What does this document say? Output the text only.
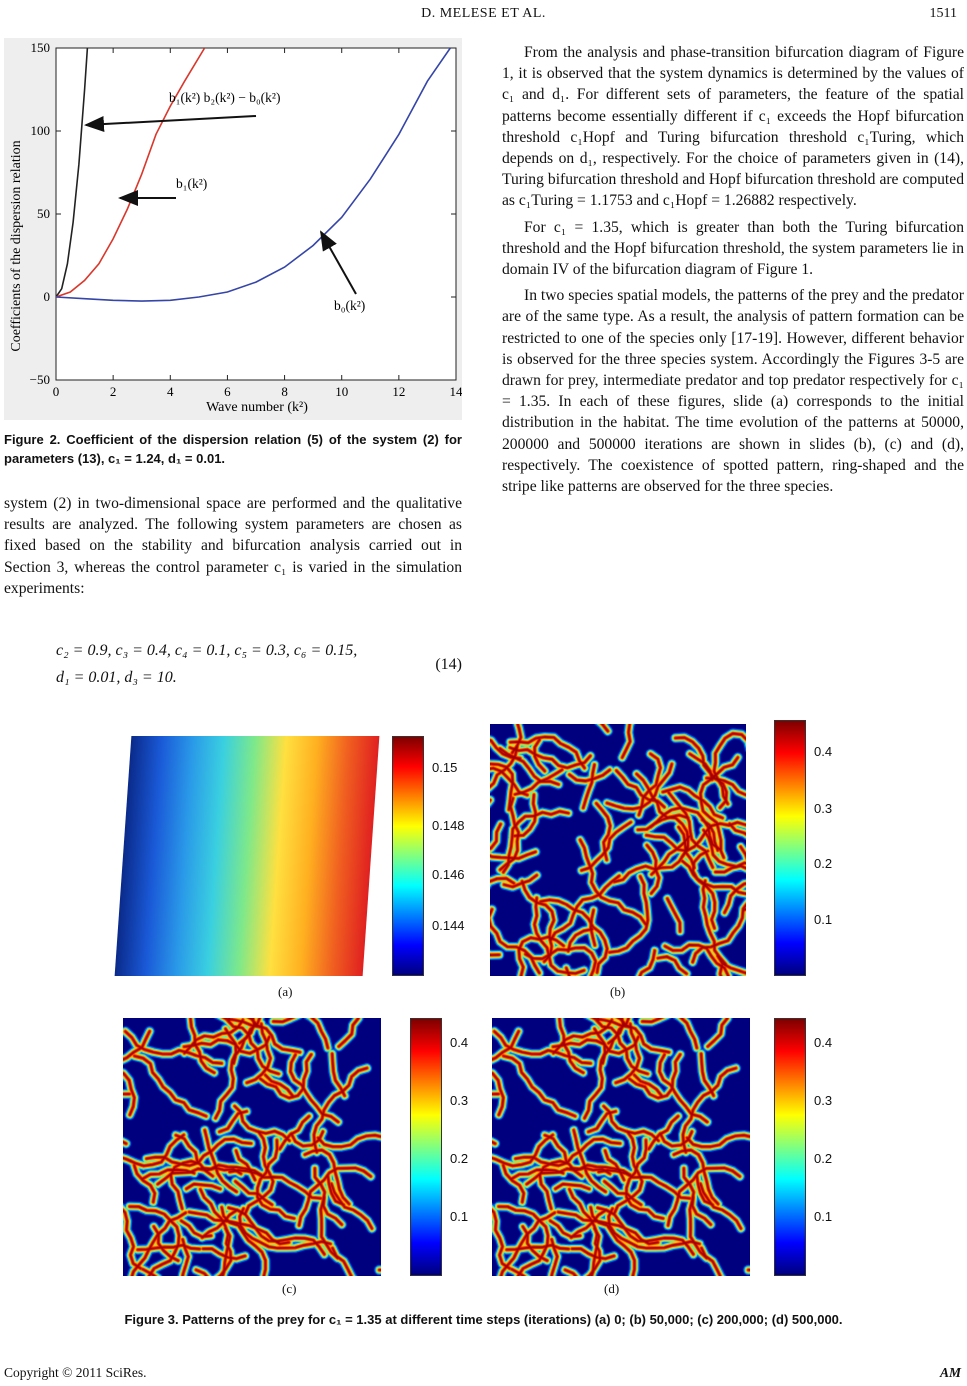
D. MELESE ET AL.	1511
0	2	4	6	8	10	12	14
150
100
50
0
−50
Coefficients of the dispersion relation
Wave number (k²)
b₁(k²) b₂(k²) − b₀(k²)
b₁(k²)
b₀(k²)
Figure 2. Coefficient of the dispersion relation (5) of the system (2) for parameters (13), c₁ = 1.24, d₁ = 0.01.

system (2) in two-dimensional space are performed and the qualitative results are analyzed. The following system parameters are chosen as fixed based on the stability and bifurcation analysis carried out in Section 3, whereas the control parameter c₁ is varied in the simulation experiments:

c₂ = 0.9, c₃ = 0.4, c₄ = 0.1, c₅ = 0.3, c₆ = 0.15,
d₁ = 0.01, d₃ = 10.
(14)

From the analysis and phase-transition bifurcation diagram of Figure 1, it is observed that the system dynamics is determined by the values of c₁ and d₁. For different sets of parameters, the feature of the spatial patterns become essentially different if c₁ exceeds the Hopf bifurcation threshold c₁Hopf and Turing bifurcation threshold c₁Turing, which depends on d₁, respectively. For the choice of parameters given in (14), Turing bifurcation threshold and Hopf bifurcation threshold are computed as c₁Turing = 1.1753 and c₁Hopf = 1.26882 respectively.

For c₁ = 1.35, which is greater than both the Turing bifurcation threshold and the Hopf bifurcation threshold, the system parameters lie in domain IV of the bifurcation diagram of Figure 1.

In two species spatial models, the patterns of the prey and the predator are of the same type. As a result, the analysis of pattern formation can be restricted to one of the species only [17-19]. However, different behavior is observed for the three species system. Accordingly the Figures 3-5 are drawn for prey, intermediate predator and top predator respectively for c₁ = 1.35. In each of these figures, slide (a) corresponds to the initial distribution in the habitat. The time evolution of the patterns at 50000, 200000 and 500000 iterations are shown in slides (b), (c) and (d), respectively. The coexistence of spotted pattern, ring-shaped and the stripe like patterns are observed for the three species.

0.15
0.148
0.146
0.144
(a)
0.4
0.3
0.2
0.1
(b)
0.4
0.3
0.2
0.1
(c)
0.4
0.3
0.2
0.1
(d)
Figure 3. Patterns of the prey for c₁ = 1.35 at different time steps (iterations) (a) 0; (b) 50,000; (c) 200,000; (d) 500,000.
Copyright © 2011 SciRes.	AM
